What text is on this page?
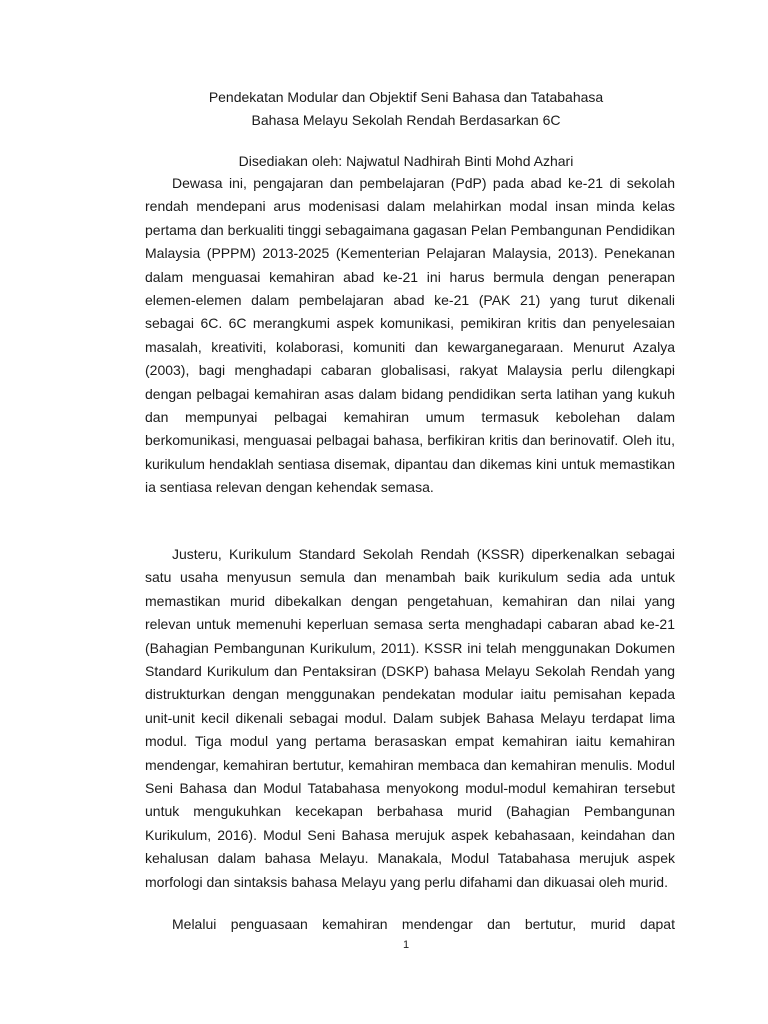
Pendekatan Modular dan Objektif Seni Bahasa dan Tatabahasa
Bahasa Melayu Sekolah Rendah Berdasarkan 6C
Disediakan oleh: Najwatul Nadhirah Binti Mohd Azhari

Dewasa ini, pengajaran dan pembelajaran (PdP) pada abad ke-21 di sekolah rendah mendepani arus modenisasi dalam melahirkan modal insan minda kelas pertama dan berkualiti tinggi sebagaimana gagasan Pelan Pembangunan Pendidikan Malaysia (PPPM) 2013-2025 (Kementerian Pelajaran Malaysia, 2013). Penekanan dalam menguasai kemahiran abad ke-21 ini harus bermula dengan penerapan elemen-elemen dalam pembelajaran abad ke-21 (PAK 21) yang turut dikenali sebagai 6C. 6C merangkumi aspek komunikasi, pemikiran kritis dan penyelesaian masalah, kreativiti, kolaborasi, komuniti dan kewarganegaraan. Menurut Azalya (2003), bagi menghadapi cabaran globalisasi, rakyat Malaysia perlu dilengkapi dengan pelbagai kemahiran asas dalam bidang pendidikan serta latihan yang kukuh dan mempunyai pelbagai kemahiran umum termasuk kebolehan dalam berkomunikasi, menguasai pelbagai bahasa, berfikiran kritis dan berinovatif. Oleh itu, kurikulum hendaklah sentiasa disemak, dipantau dan dikemas kini untuk memastikan ia sentiasa relevan dengan kehendak semasa.

Justeru, Kurikulum Standard Sekolah Rendah (KSSR) diperkenalkan sebagai satu usaha menyusun semula dan menambah baik kurikulum sedia ada untuk memastikan murid dibekalkan dengan pengetahuan, kemahiran dan nilai yang relevan untuk memenuhi keperluan semasa serta menghadapi cabaran abad ke-21 (Bahagian Pembangunan Kurikulum, 2011). KSSR ini telah menggunakan Dokumen Standard Kurikulum dan Pentaksiran (DSKP) bahasa Melayu Sekolah Rendah yang distrukturkan dengan menggunakan pendekatan modular iaitu pemisahan kepada unit-unit kecil dikenali sebagai modul. Dalam subjek Bahasa Melayu terdapat lima modul. Tiga modul yang pertama berasaskan empat kemahiran iaitu kemahiran mendengar, kemahiran bertutur, kemahiran membaca dan kemahiran menulis. Modul Seni Bahasa dan Modul Tatabahasa menyokong modul-modul kemahiran tersebut untuk mengukuhkan kecekapan berbahasa murid (Bahagian Pembangunan Kurikulum, 2016). Modul Seni Bahasa merujuk aspek kebahasaan, keindahan dan kehalusan dalam bahasa Melayu. Manakala, Modul Tatabahasa merujuk aspek morfologi dan sintaksis bahasa Melayu yang perlu difahami dan dikuasai oleh murid.

Melalui penguasaan kemahiran mendengar dan bertutur, murid dapat

1
